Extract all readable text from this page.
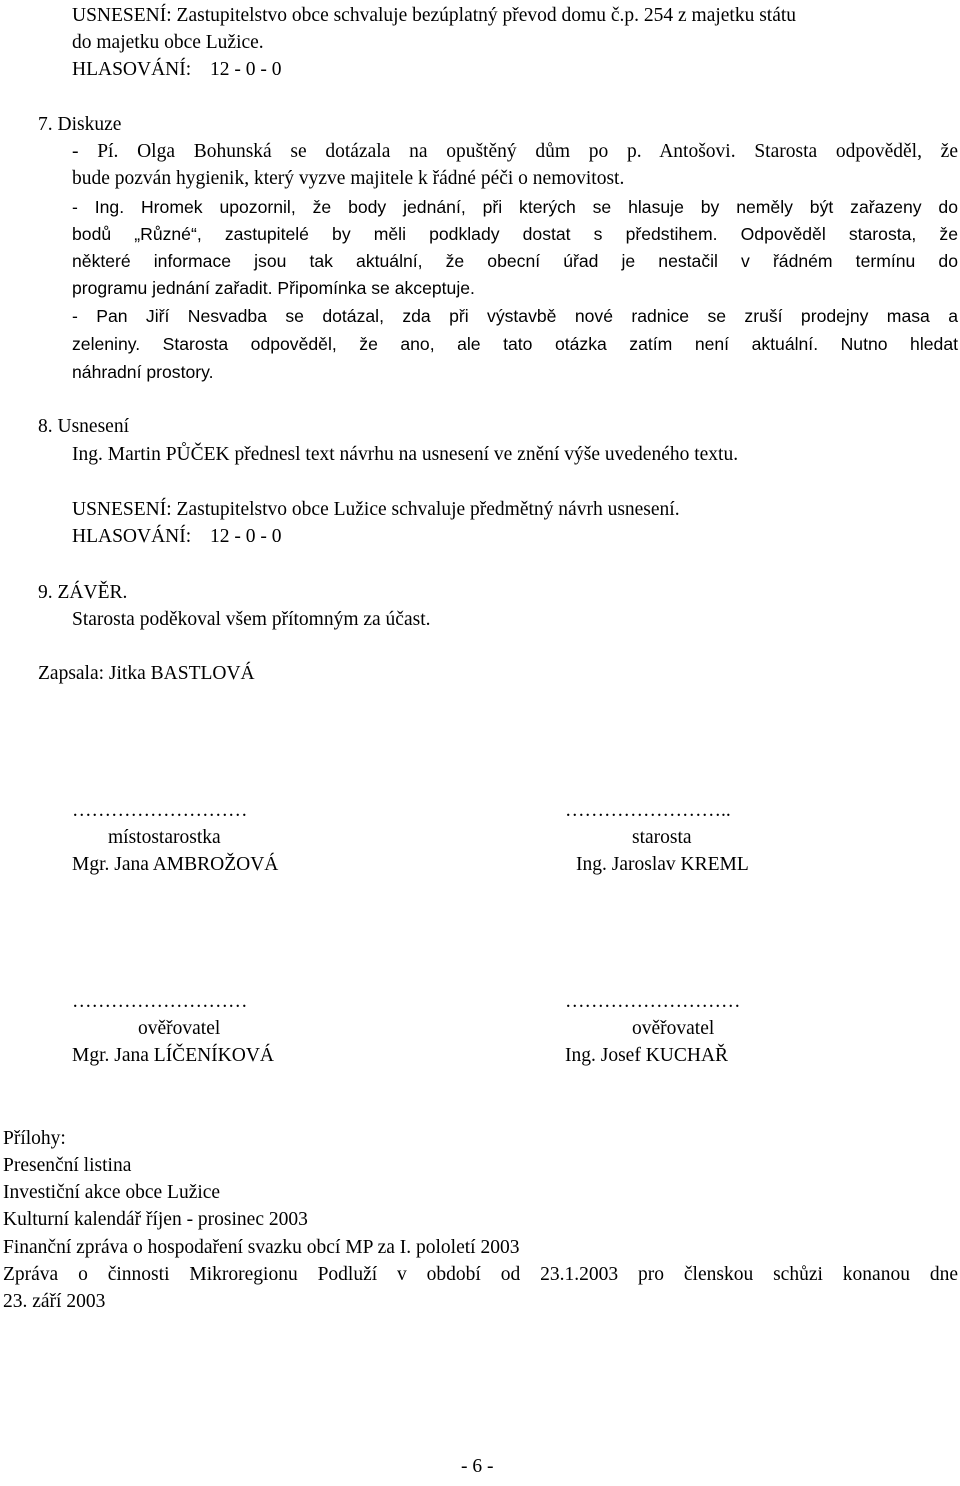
USNESENÍ: Zastupitelstvo obce schvaluje bezúplatný převod domu č.p. 254 z majetku státu
do majetku obce Lužice.
HLASOVÁNÍ: 12 - 0 - 0
7. Diskuze
- Pí. Olga Bohunská se dotázala na opuštěný dům po p. Antošovi. Starosta odpověděl, že
bude pozván hygienik, který vyzve majitele k řádné péči o nemovitost.
- Ing. Hromek upozornil, že body jednání, při kterých se hlasuje by neměly být zařazeny do
bodů „Různé“, zastupitelé by měli podklady dostat s předstihem. Odpověděl starosta, že
některé informace jsou tak aktuální, že obecní úřad je nestačil v řádném termínu do
programu jednání zařadit. Připomínka se akceptuje.
- Pan Jiří Nesvadba se dotázal, zda při výstavbě nové radnice se zruší prodejny masa a
zeleniny. Starosta odpověděl, že ano, ale tato otázka zatím není aktuální. Nutno hledat
náhradní prostory.
8. Usnesení
Ing. Martin PŮČEK přednesl text návrhu na usnesení ve znění výše uvedeného textu.
USNESENÍ: Zastupitelstvo obce Lužice schvaluje předmětný návrh usnesení.
HLASOVÁNÍ: 12 - 0 - 0
9. ZÁVĚR.
Starosta poděkoval všem přítomným za účast.
Zapsala: Jitka BASTLOVÁ
………………………
místostarostka
Mgr. Jana AMBROŽOVÁ
……………………..
starosta
Ing. Jaroslav KREML
………………………
ověřovatel
Mgr. Jana LÍČENÍKOVÁ
………………………
ověřovatel
Ing. Josef KUCHAŘ
Přílohy:
Presenční listina
Investiční akce obce Lužice
Kulturní kalendář říjen - prosinec 2003
Finanční zpráva o hospodaření svazku obcí MP za I. pololetí 2003
Zpráva o činnosti Mikroregionu Podluží v období od 23.1.2003 pro členskou schůzi konanou dne
23. září 2003
- 6 -
